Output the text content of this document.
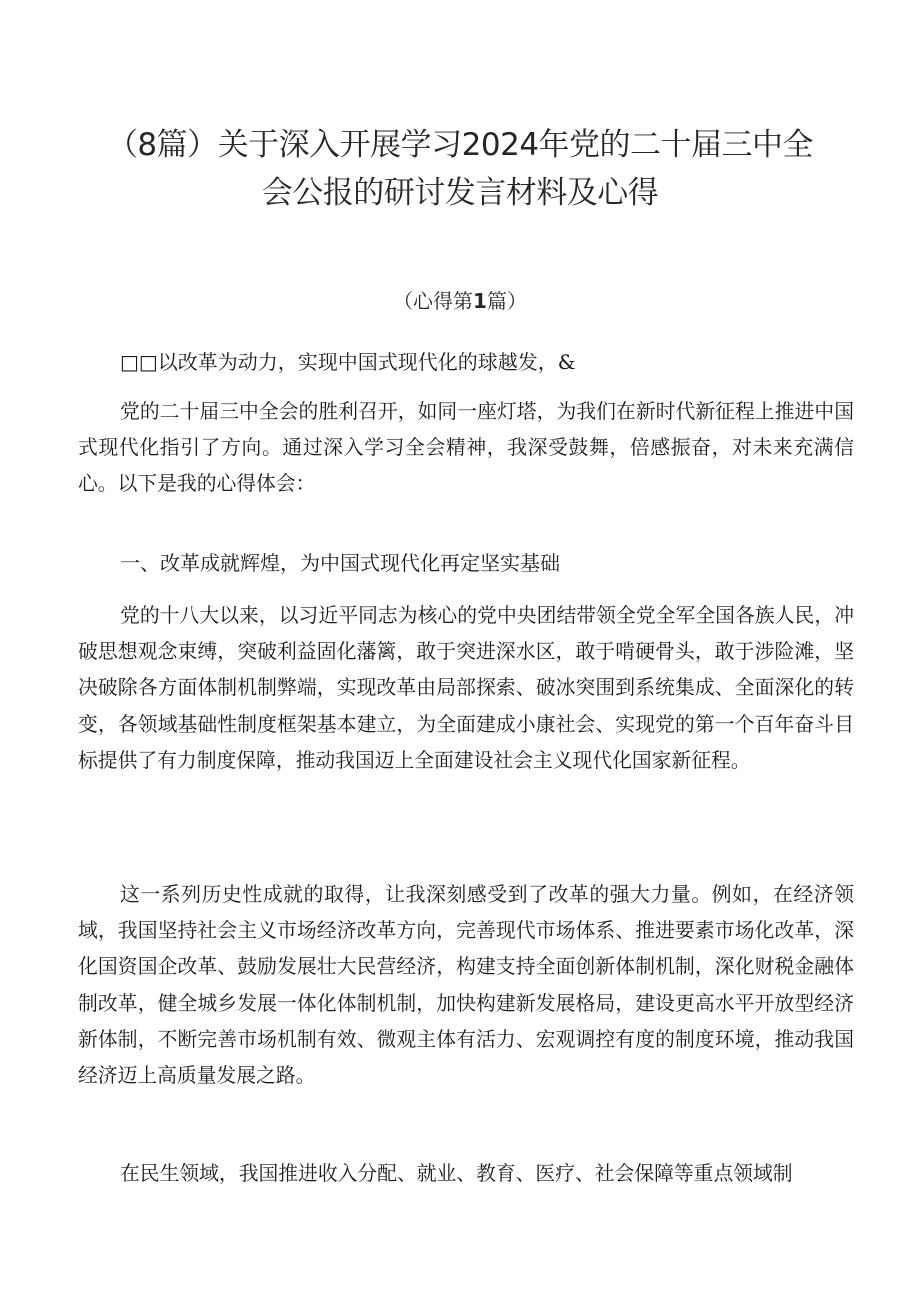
（8篇）关于深入开展学习2024年党的二十届三中全
会公报的研讨发言材料及心得
（心得第1篇）
□□以改革为动力，实现中国式现代化的球越发，&

党的二十届三中全会的胜利召开，如同一座灯塔，为我们在新时代新征程上推进中国式现代化指引了方向。通过深入学习全会精神，我深受鼓舞，倍感振奋，对未来充满信心。以下是我的心得体会：

一、改革成就辉煌，为中国式现代化再定坚实基础

党的十八大以来，以习近平同志为核心的党中央团结带领全党全军全国各族人民，冲破思想观念束缚，突破利益固化藩篱，敢于突进深水区，敢于啃硬骨头，敢于涉险滩，坚决破除各方面体制机制弊端，实现改革由局部探索、破冰突围到系统集成、全面深化的转变，各领域基础性制度框架基本建立，为全面建成小康社会、实现党的第一个百年奋斗目标提供了有力制度保障，推动我国迈上全面建设社会主义现代化国家新征程。

这一系列历史性成就的取得，让我深刻感受到了改革的强大力量。例如，在经济领域，我国坚持社会主义市场经济改革方向，完善现代市场体系、推进要素市场化改革，深化国资国企改革、鼓励发展壮大民营经济，构建支持全面创新体制机制，深化财税金融体制改革，健全城乡发展一体化体制机制，加快构建新发展格局，建设更高水平开放型经济新体制，不断完善市场机制有效、微观主体有活力、宏观调控有度的制度环境，推动我国经济迈上高质量发展之路。

在民生领域，我国推进收入分配、就业、教育、医疗、社会保障等重点领域制
